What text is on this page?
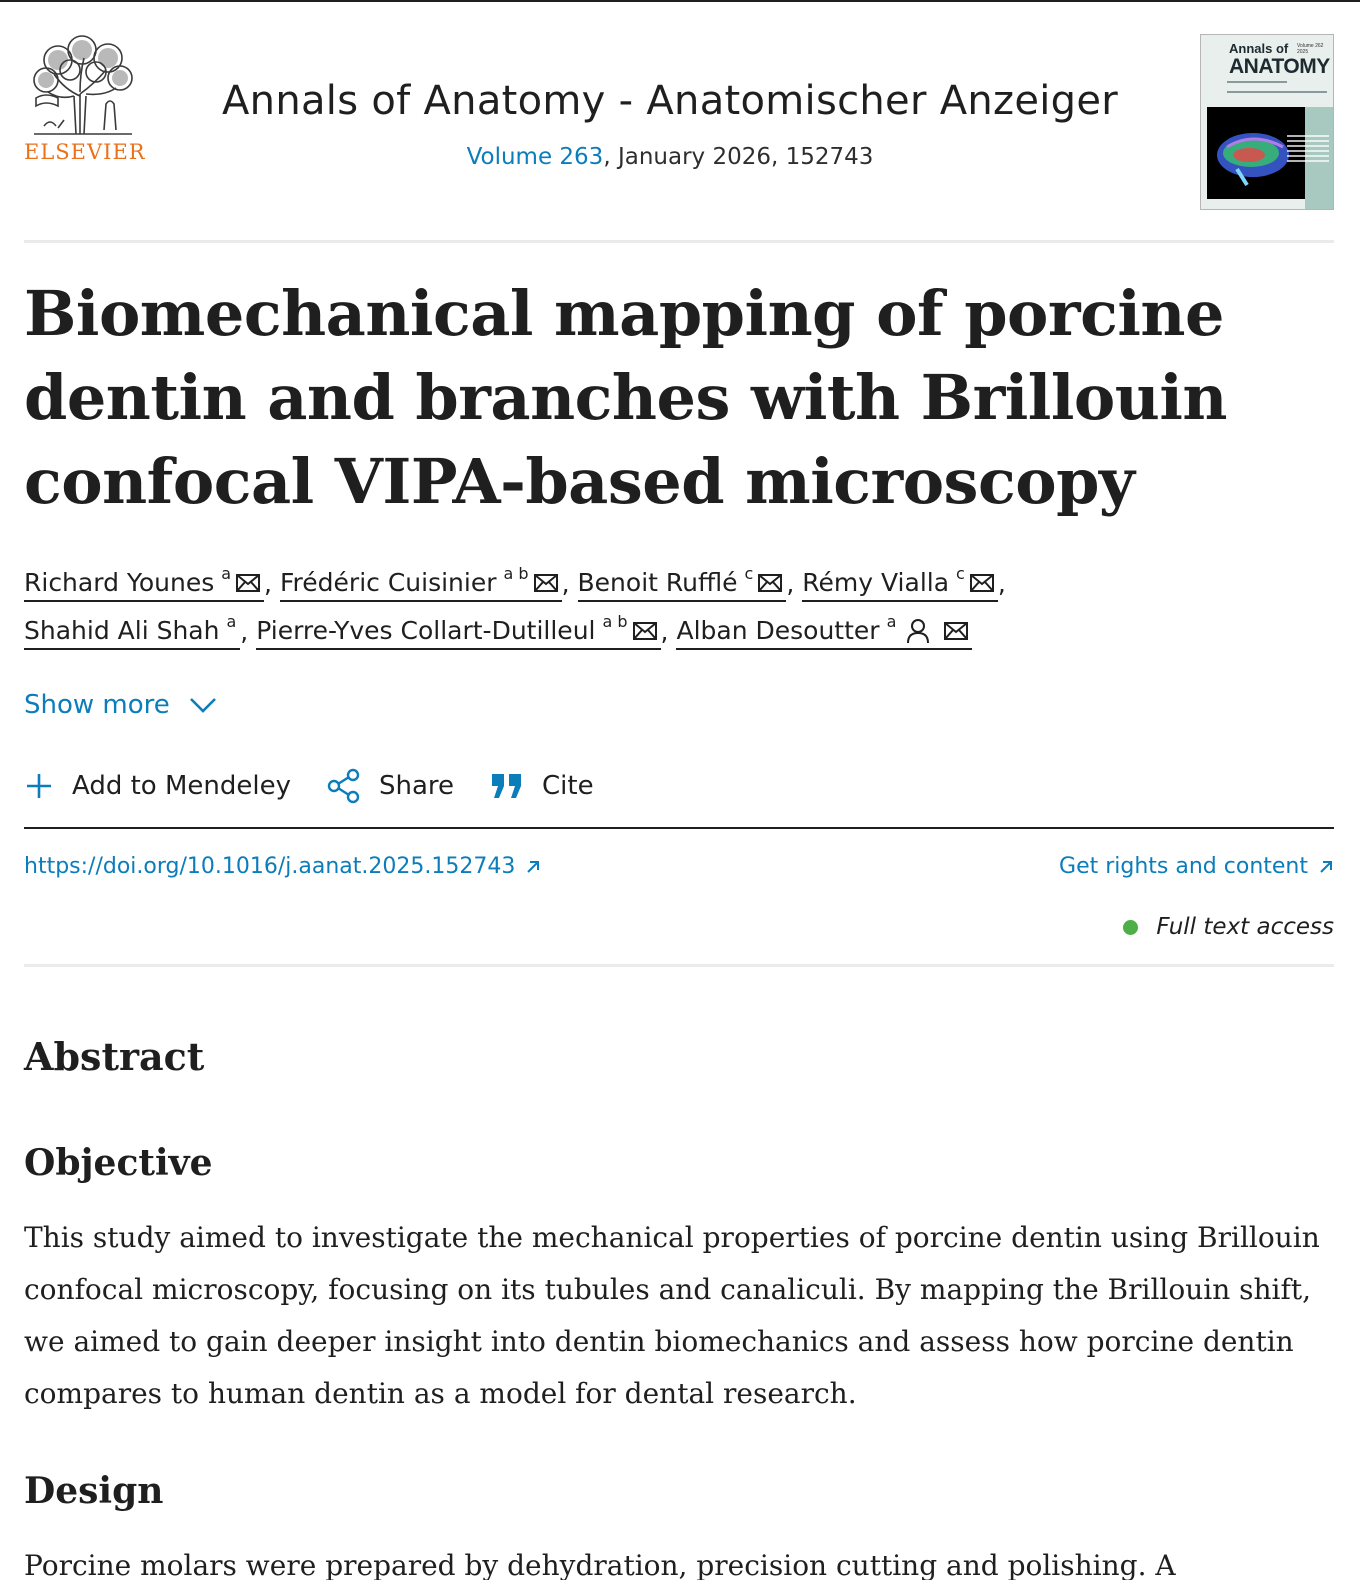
ELSEVIER
Annals of Anatomy - Anatomischer Anzeiger
Volume 263, January 2026, 152743
Annals of
ANATOMY
Volume 262 2025
Biomechanical mapping of porcine dentin and branches with Brillouin confocal VIPA-based microscopy
Richard Younes a , Frédéric Cuisinier a b , Benoit Rufflé c , Rémy Vialla c ,
Shahid Ali Shah a , Pierre-Yves Collart-Dutilleul a b , Alban Desoutter a
Show more
Add to Mendeley	Share	Cite
https://doi.org/10.1016/j.aanat.2025.152743	Get rights and content
Full text access
Abstract
Objective

This study aimed to investigate the mechanical properties of porcine dentin using Brillouin confocal microscopy, focusing on its tubules and canaliculi. By mapping the Brillouin shift, we aimed to gain deeper insight into dentin biomechanics and assess how porcine dentin compares to human dentin as a model for dental research.

Design

Porcine molars were prepared by dehydration, precision cutting and polishing. A
